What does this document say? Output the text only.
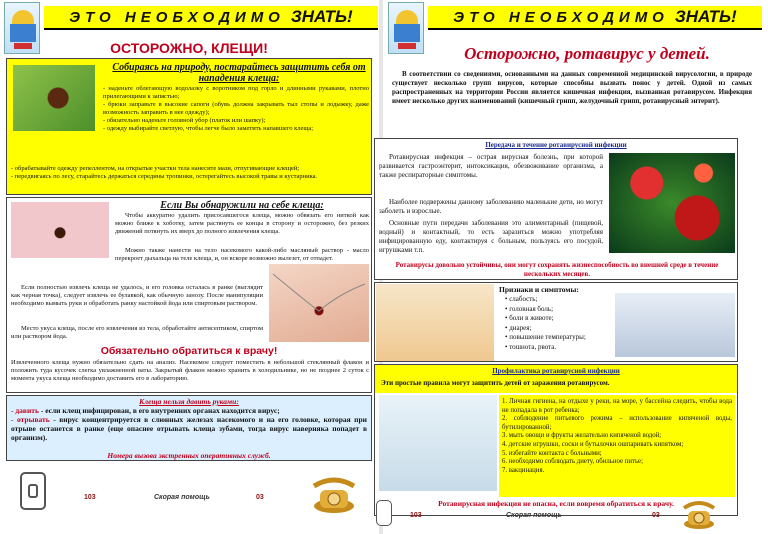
ЭТО НЕОБХОДИМО ЗНАТЬ!
ОСТОРОЖНО, КЛЕЩИ!
Собираясь на природу, постарайтесь защитить себя от нападения клеща:
- наденьте облегающую водолазку с воротником под горло и длинными рукавами, плотно прилегающими к запястью;
- брюки заправьте в высокие сапоги (обувь должна закрывать тыл стопы и лодыжку, даже возможность заправить в нее одежду);
- обязательно наденьте головной убор (платок или шапку);
- одежду выбирайте светлую, чтобы легче было заметить напавшего клеща;
- обрабатывайте одежду репеллентом, на открытые участки тела нанесите мази, отпугивающие клещей;
- передвигаясь по лесу, старайтесь держаться середины тропинки, остерегайтесь высокой травы и кустарника.
Если Вы обнаружили на себе клеща:
Чтобы аккуратно удалить присосавшегося клеща, можно обвязать его ниткой как можно ближе к хоботку, затем растянуть ее концы в сторону и осторожно, без резких движений потянуть их вверх до полного извлечения клеща.
Можно также нанести на тело насекомого какой-либо масляный раствор - масло перекроет дыхальца на теле клеща, и, он вскоре возможно вылезет, от отпадет.
Если полностью извлечь клеща не удалось, и его головка осталась в ранке (выглядит как черная точка), следует извлечь ее булавкой, как обычную занозу. После манипуляции необходимо вымыть руки и обработать ранку настойкой йода или спиртовым раствором.
Место укуса клеща, после его извлечения из тела, обработайте антисептиком, спиртом или раствором йода.
Обязательно обратиться к врачу!
Извлеченного клеща нужно обязательно сдать на анализ. Насекомое следует поместить в небольшой стеклянный флакон и положить туда кусочек слегка увлажненной ваты. Закрытый флакон можно хранить в холодильнике, но не позднее 2 суток с момента укуса клеща необходимо доставить его в лабораторию.
Клеща нельзя давить руками:
- давить - если клещ инфицирован, в его внутренних органах находится вирус;
- отрывать - вирус концентрируется в слюнных железах насекомого и на его головке, которая при отрыве останется в ранке (еще опаснее отрывать клеща зубами, тогда вирус наверняка попадет в организм).
Номера вызова экстренных оперативных служб.
103	Скорая помощь	03
ЭТО НЕОБХОДИМО ЗНАТЬ!
Осторожно, ротавирус у детей.
В соответствии со сведениями, основанными на данных современной медицинской вирусологии, в природе существует несколько групп вирусов, которые способны вызвать понос у детей. Одной из самых распространенных на территории России является кишечная инфекция, вызванная ротавирусом. Инфекция имеет несколько других наименований (кишечный грипп, желудочный грипп, ротавирусный энтерит).
Передача и течение ротавирусной инфекции
Ротавирусная инфекция – острая вирусная болезнь, при которой развивается гастроэнтерит, интоксикация, обезвоживание организма, а также респираторные симптомы.
Наиболее подвержены данному заболеванию маленькие дети, но могут заболеть и взрослые.
Основные пути передачи заболевания это алиментарный (пищевой, водный) и контактный, то есть заразиться можно употребляя инфицированную еду, контактируя с больным, пользуясь его посудой, игрушками т.п.
Ротавирусы довольно устойчивы, они могут сохранять жизнеспособность во внешней среде в течение нескольких месяцев.
Признаки и симптомы:
• слабость;
• головная боль;
• боли в животе;
• диарея;
• повышение температуры;
• тошнота, рвота.
Профилактика ротавирусной инфекции
Эти простые правила могут защитить детей от заражения ротавирусом.
1. Личная гигиена, на отдыхе у реки, на море, у бассейна следить, чтобы вода не попадала в рот ребенка;
2. соблюдение питьевого режима – использование кипяченой воды, бутилированной;
3. мыть овощи и фрукты желательно кипяченой водой;
4. детские игрушки, соски и бутылочки ошпаривать кипятком;
5. избегайте контакта с больными;
6. необходимо соблюдать диету, обильное питье;
7. вакцинация.
Ротавирусная инфекция не опасна, если вовремя обратиться к врачу.
103	Скорая помощь	03
